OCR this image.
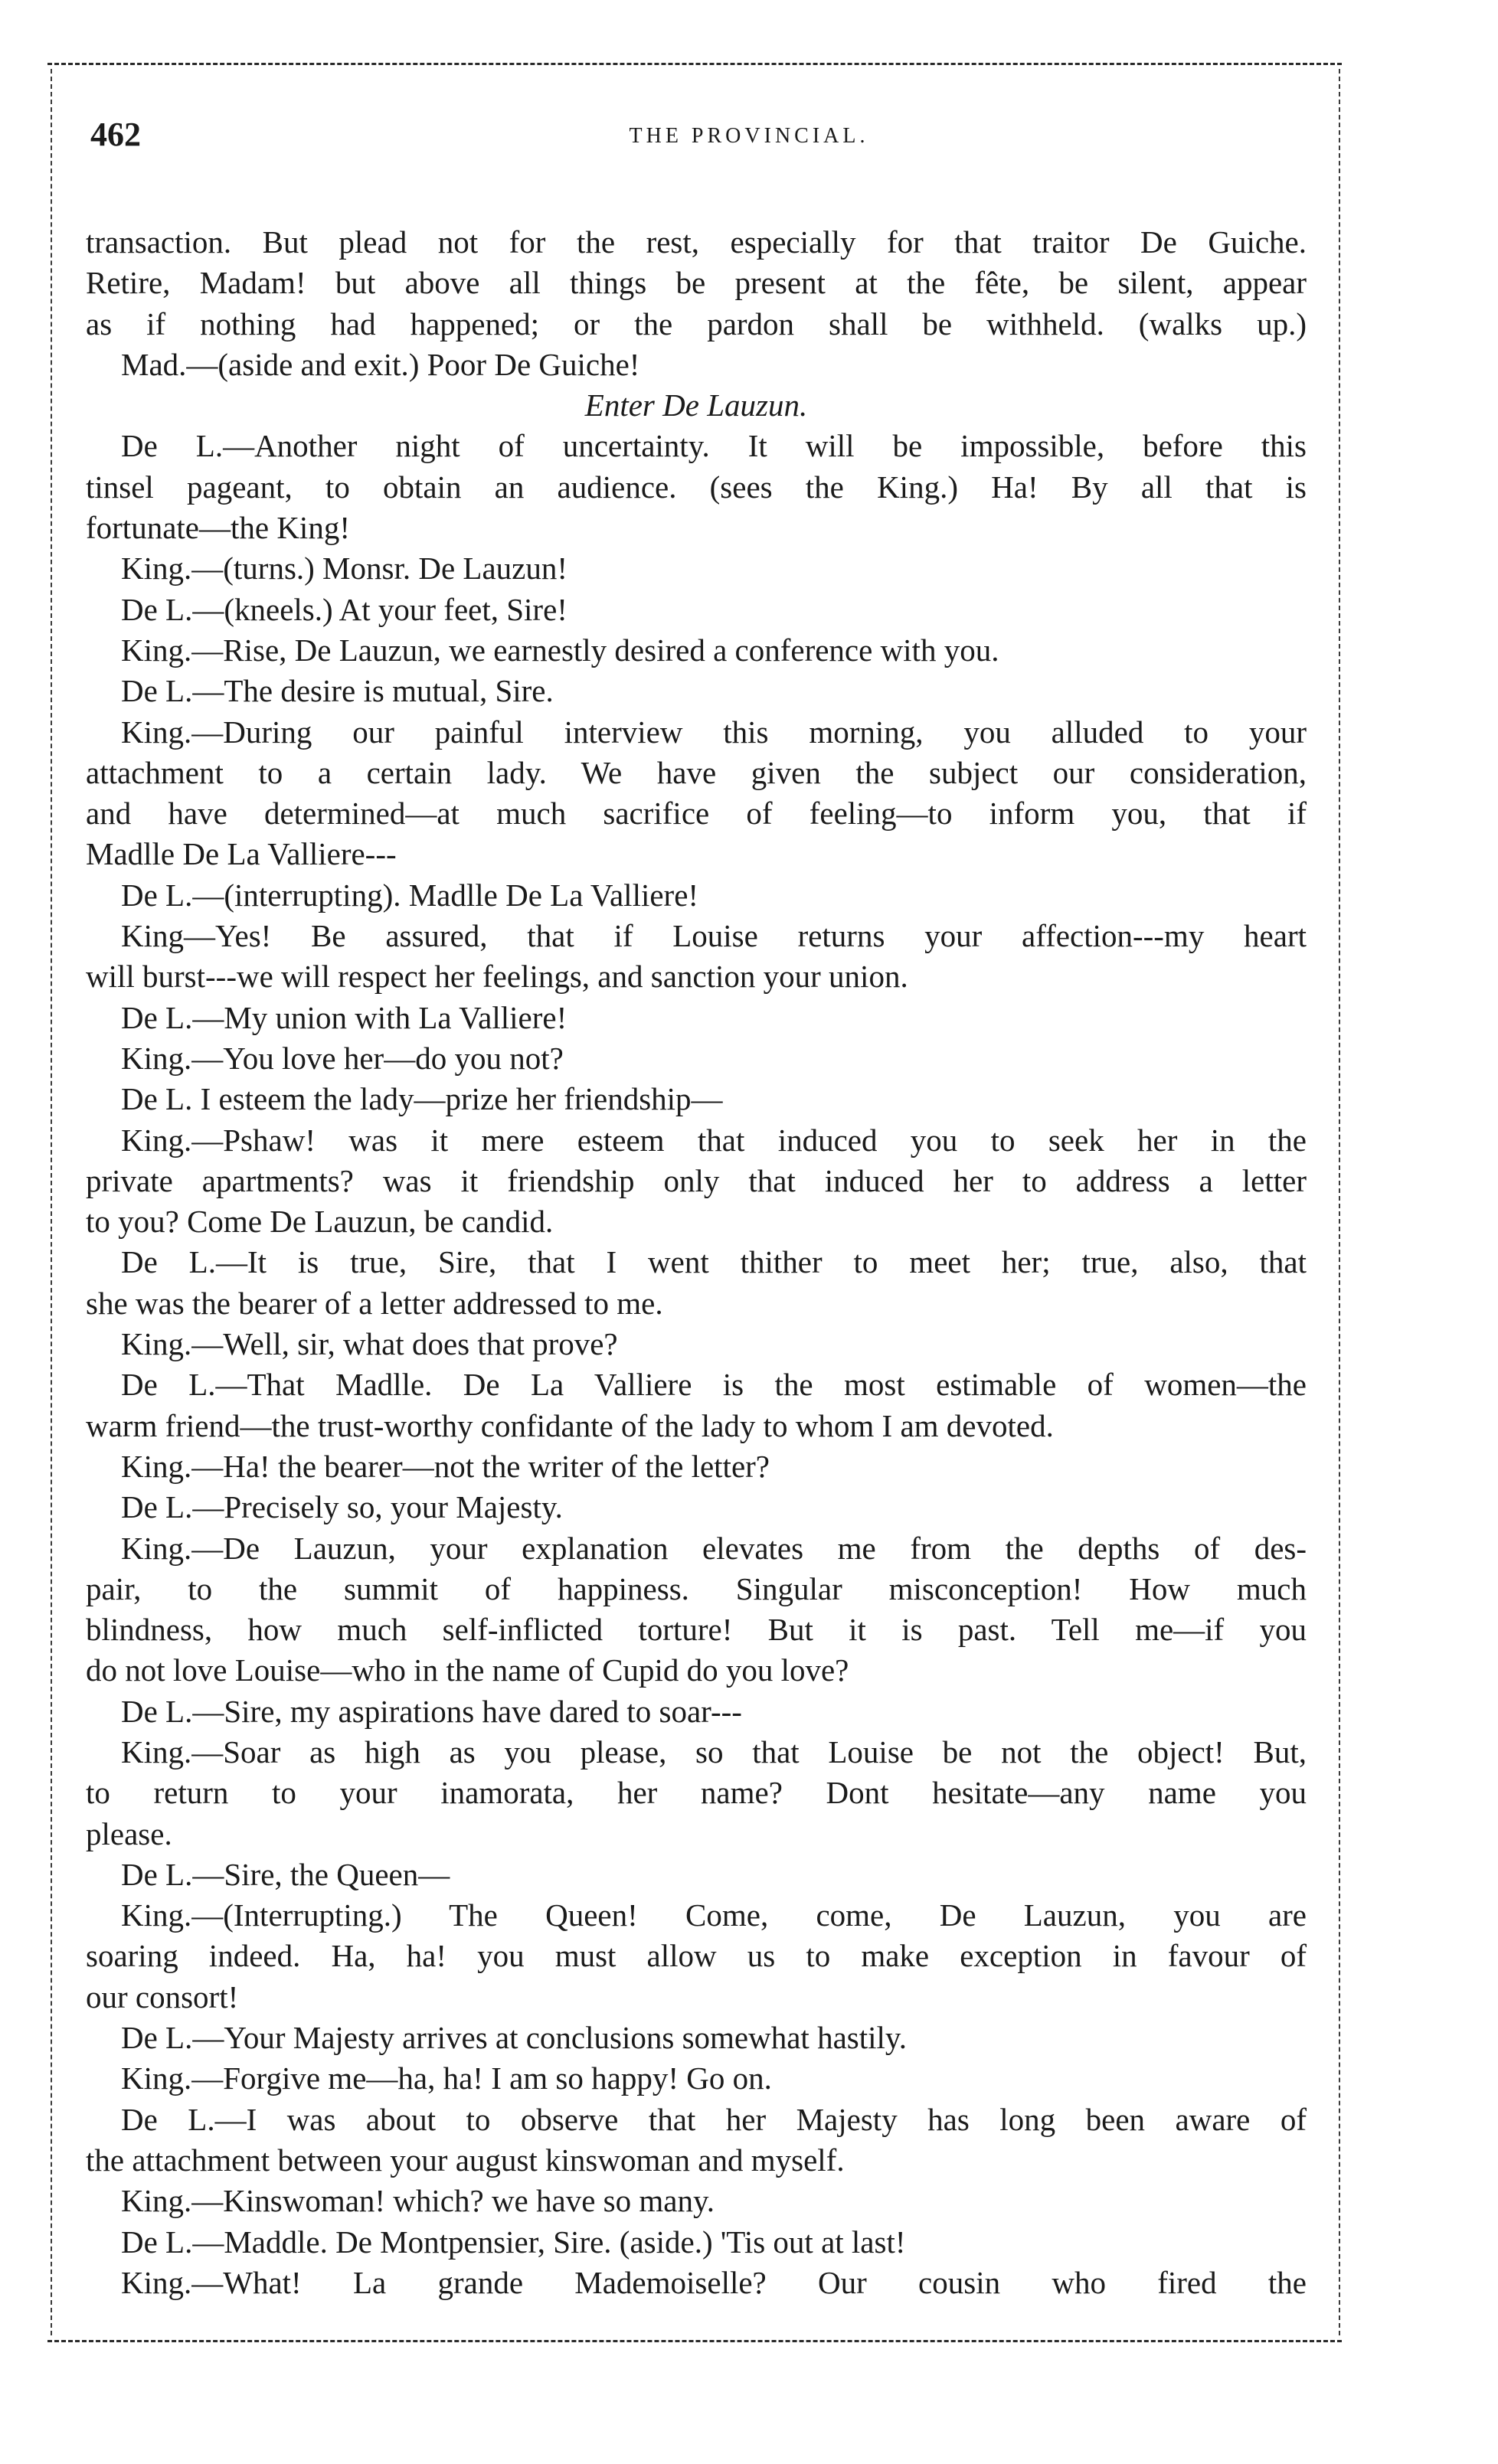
462	THE PROVINCIAL.
transaction. But plead not for the rest, especially for that traitor De Guiche.
Retire, Madam! but above all things be present at the fête, be silent, appear
as if nothing had happened; or the pardon shall be withheld. (walks up.)
Mad.—(aside and exit.) Poor De Guiche!
Enter De Lauzun.
De L.—Another night of uncertainty. It will be impossible, before this
tinsel pageant, to obtain an audience. (sees the King.) Ha! By all that is
fortunate—the King!
King.—(turns.) Monsr. De Lauzun!
De L.—(kneels.) At your feet, Sire!
King.—Rise, De Lauzun, we earnestly desired a conference with you.
De L.—The desire is mutual, Sire.
King.—During our painful interview this morning, you alluded to your
attachment to a certain lady. We have given the subject our consideration,
and have determined—at much sacrifice of feeling—to inform you, that if
Madlle De La Valliere---
De L.—(interrupting). Madlle De La Valliere!
King—Yes! Be assured, that if Louise returns your affection---my heart
will burst---we will respect her feelings, and sanction your union.
De L.—My union with La Valliere!
King.—You love her—do you not?
De L. I esteem the lady—prize her friendship—
King.—Pshaw! was it mere esteem that induced you to seek her in the
private apartments? was it friendship only that induced her to address a letter
to you? Come De Lauzun, be candid.
De L.—It is true, Sire, that I went thither to meet her; true, also, that
she was the bearer of a letter addressed to me.
King.—Well, sir, what does that prove?
De L.—That Madlle. De La Valliere is the most estimable of women—the
warm friend—the trust-worthy confidante of the lady to whom I am devoted.
King.—Ha! the bearer—not the writer of the letter?
De L.—Precisely so, your Majesty.
King.—De Lauzun, your explanation elevates me from the depths of des-
pair, to the summit of happiness. Singular misconception! How much
blindness, how much self-inflicted torture! But it is past. Tell me—if you
do not love Louise—who in the name of Cupid do you love?
De L.—Sire, my aspirations have dared to soar---
King.—Soar as high as you please, so that Louise be not the object! But,
to return to your inamorata, her name? Dont hesitate—any name you
please.
De L.—Sire, the Queen—
King.—(Interrupting.) The Queen! Come, come, De Lauzun, you are
soaring indeed. Ha, ha! you must allow us to make exception in favour of
our consort!
De L.—Your Majesty arrives at conclusions somewhat hastily.
King.—Forgive me—ha, ha! I am so happy! Go on.
De L.—I was about to observe that her Majesty has long been aware of
the attachment between your august kinswoman and myself.
King.—Kinswoman! which? we have so many.
De L.—Maddle. De Montpensier, Sire. (aside.) 'Tis out at last!
King.—What! La grande Mademoiselle? Our cousin who fired the
